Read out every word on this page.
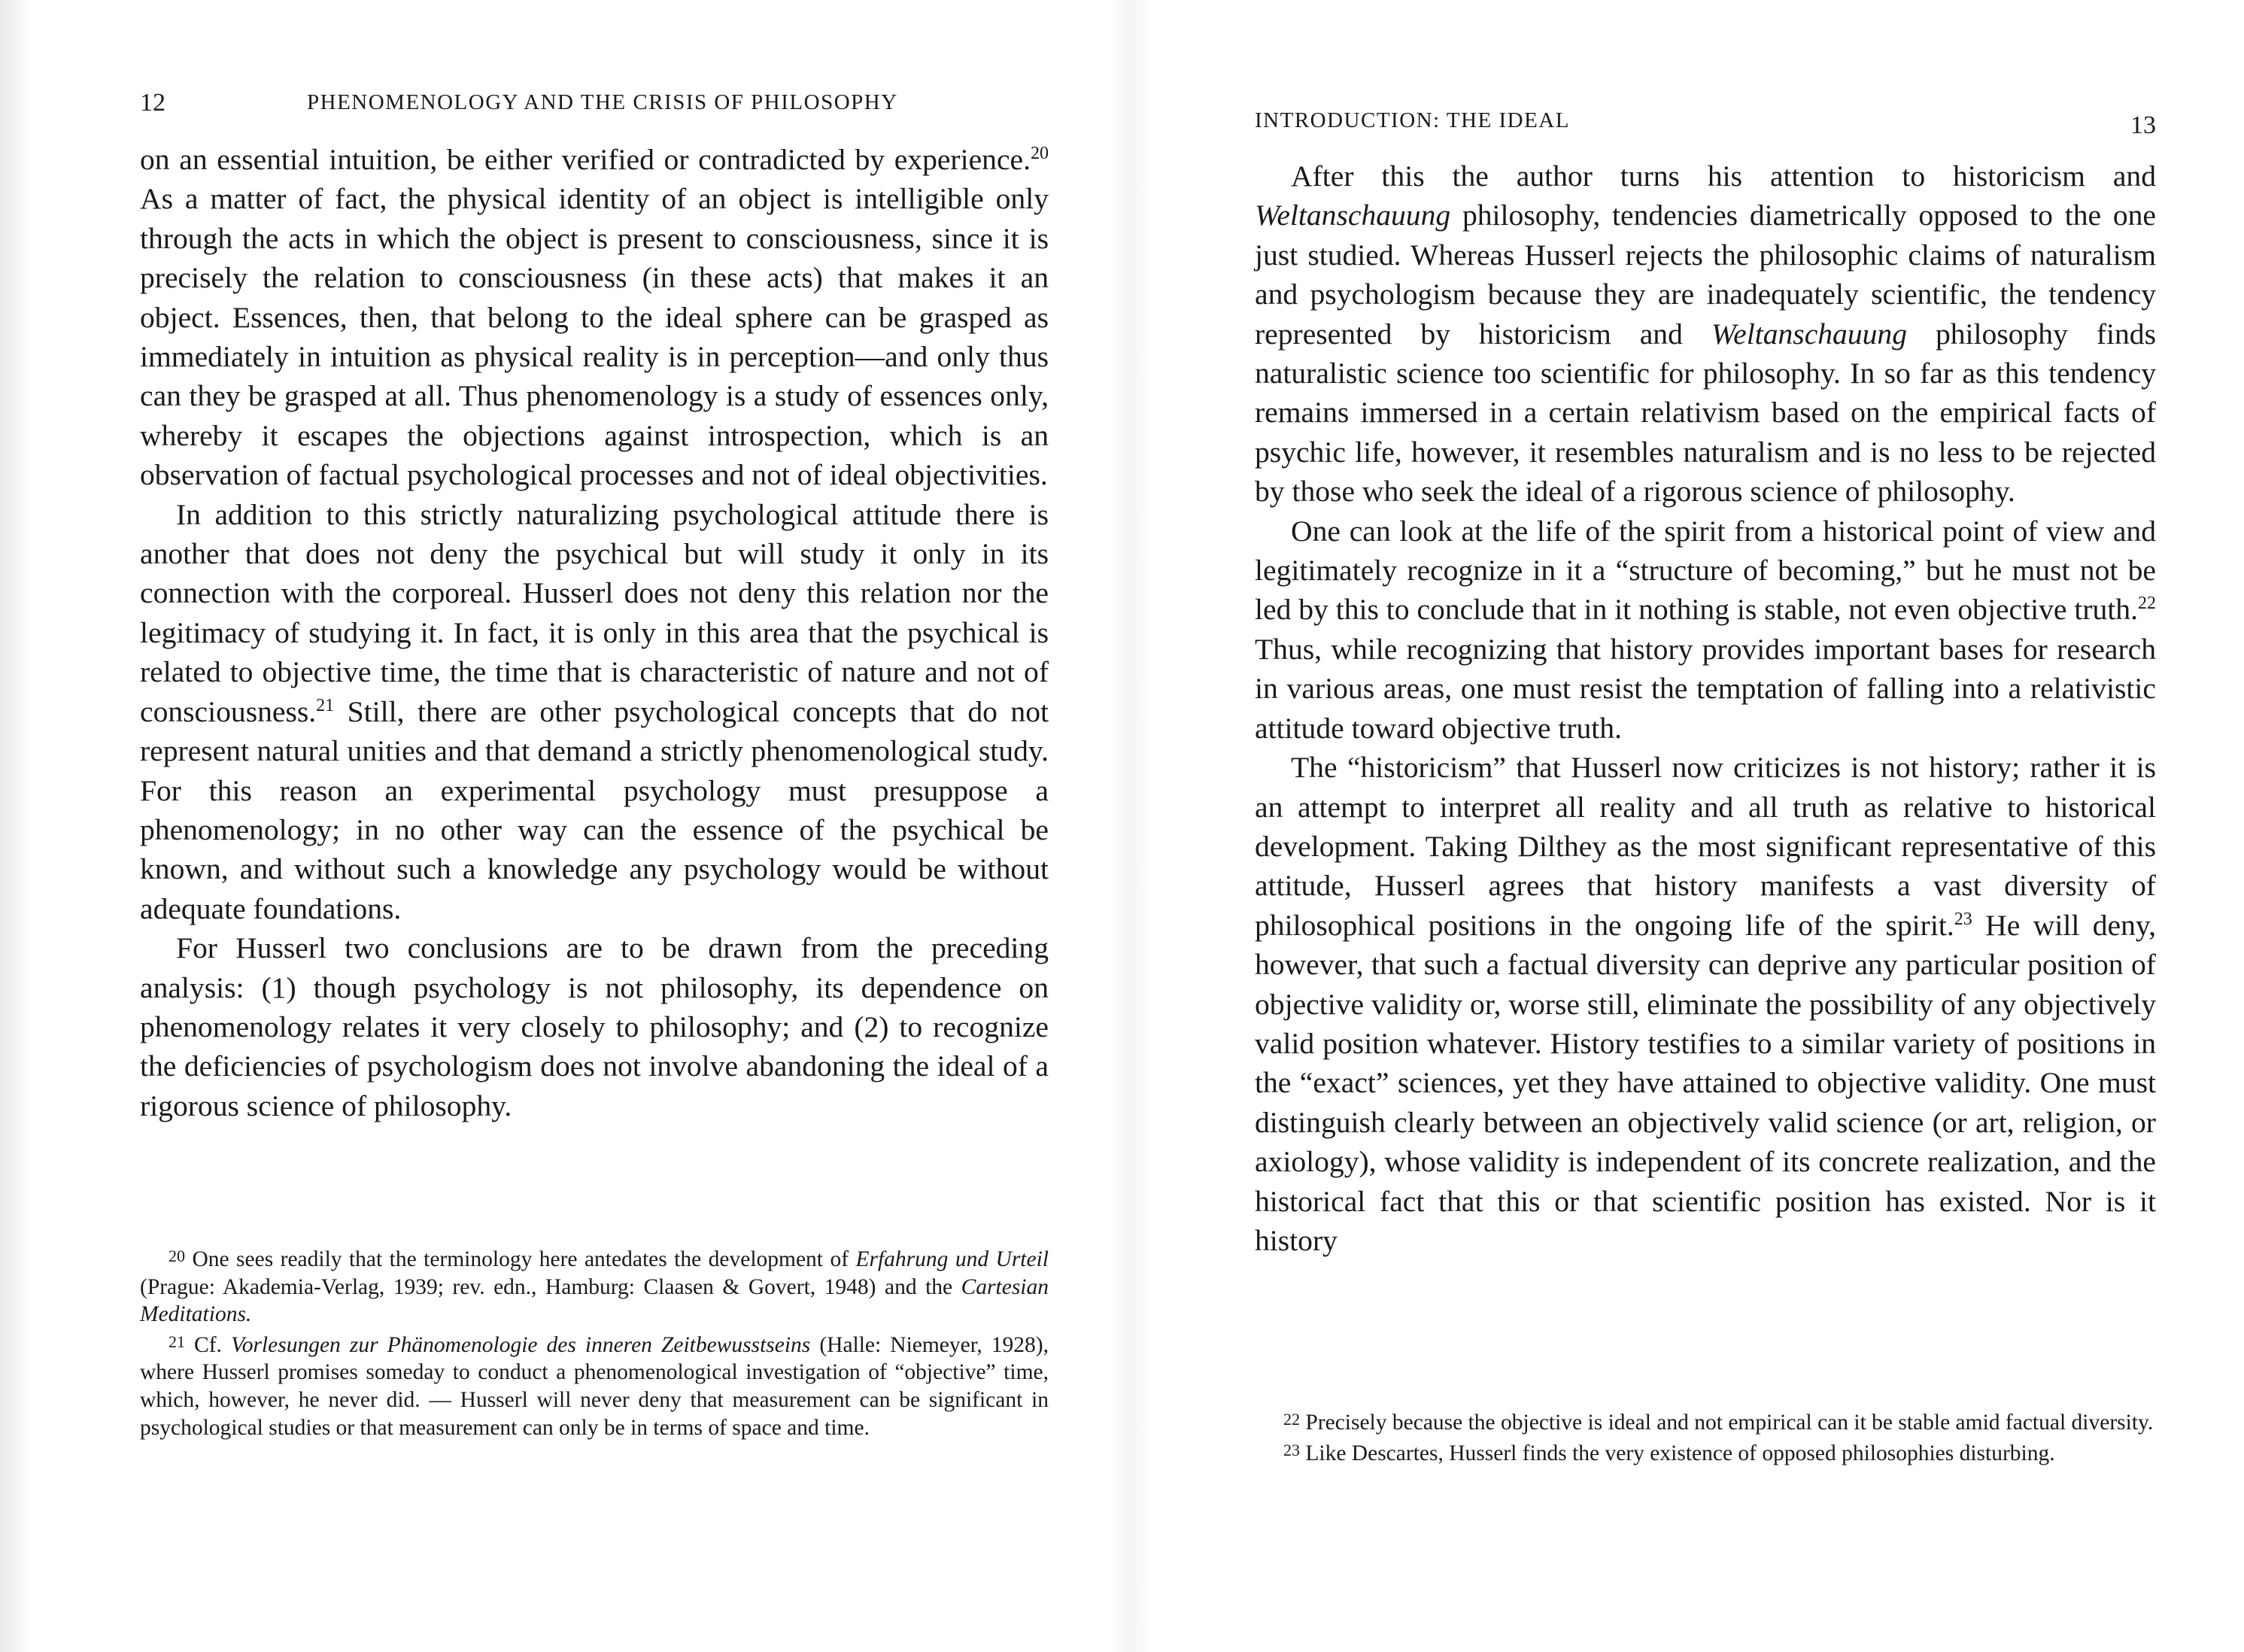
12	PHENOMENOLOGY AND THE CRISIS OF PHILOSOPHY

on an essential intuition, be either verified or contradicted by experience.$^{20}$ As a matter of fact, the physical identity of an object is intelligible only through the acts in which the object is present to consciousness, since it is precisely the relation to consciousness (in these acts) that makes it an object. Essences, then, that belong to the ideal sphere can be grasped as immediately in intuition as physical reality is in perception—and only thus can they be grasped at all. Thus phenomenology is a study of essences only, whereby it escapes the objections against introspection, which is an observation of factual psychological processes and not of ideal objectivities.

In addition to this strictly naturalizing psychological attitude there is another that does not deny the psychical but will study it only in its connection with the corporeal. Husserl does not deny this relation nor the legitimacy of studying it. In fact, it is only in this area that the psychical is related to objective time, the time that is characteristic of nature and not of consciousness.$^{21}$ Still, there are other psychological concepts that do not represent natural unities and that demand a strictly phenomenological study. For this reason an experimental psychology must presuppose a phenomenology; in no other way can the essence of the psychical be known, and without such a knowledge any psychology would be without adequate foundations.

For Husserl two conclusions are to be drawn from the preceding analysis: (1) though psychology is not philosophy, its dependence on phenomenology relates it very closely to philosophy; and (2) to recognize the deficiencies of psychologism does not involve abandoning the ideal of a rigorous science of philosophy.

$^{20}$ One sees readily that the terminology here antedates the development of Erfahrung und Urteil (Prague: Akademia-Verlag, 1939; rev. edn., Hamburg: Claasen & Govert, 1948) and the Cartesian Meditations.

$^{21}$ Cf. Vorlesungen zur Phänomenologie des inneren Zeitbewusstseins (Halle: Niemeyer, 1928), where Husserl promises someday to conduct a phenomenological investigation of “objective” time, which, however, he never did. — Husserl will never deny that measurement can be significant in psychological studies or that measurement can only be in terms of space and time.

INTRODUCTION: THE IDEAL	13

After this the author turns his attention to historicism and Weltanschauung philosophy, tendencies diametrically opposed to the one just studied. Whereas Husserl rejects the philosophic claims of naturalism and psychologism because they are inadequately scientific, the tendency represented by historicism and Weltanschauung philosophy finds naturalistic science too scientific for philosophy. In so far as this tendency remains immersed in a certain relativism based on the empirical facts of psychic life, however, it resembles naturalism and is no less to be rejected by those who seek the ideal of a rigorous science of philosophy.

One can look at the life of the spirit from a historical point of view and legitimately recognize in it a “structure of becoming,” but he must not be led by this to conclude that in it nothing is stable, not even objective truth.$^{22}$ Thus, while recognizing that history provides important bases for research in various areas, one must resist the temptation of falling into a relativistic attitude toward objective truth.

The “historicism” that Husserl now criticizes is not history; rather it is an attempt to interpret all reality and all truth as relative to historical development. Taking Dilthey as the most significant representative of this attitude, Husserl agrees that history manifests a vast diversity of philosophical positions in the ongoing life of the spirit.$^{23}$ He will deny, however, that such a factual diversity can deprive any particular position of objective validity or, worse still, eliminate the possibility of any objectively valid position whatever. History testifies to a similar variety of positions in the “exact” sciences, yet they have attained to objective validity. One must distinguish clearly between an objectively valid science (or art, religion, or axiology), whose validity is independent of its concrete realization, and the historical fact that this or that scientific position has existed. Nor is it history

$^{22}$ Precisely because the objective is ideal and not empirical can it be stable amid factual diversity.

$^{23}$ Like Descartes, Husserl finds the very existence of opposed philosophies disturbing.
